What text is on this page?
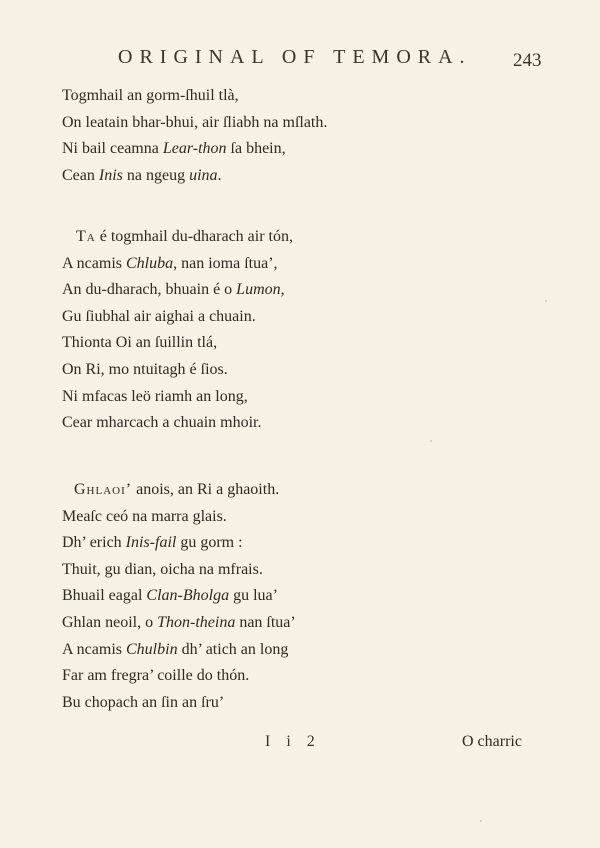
ORIGINAL OF TEMORA. 243
Togmhail an gorm-ſhuil tlà,
On leatain bhar-bhui, air ſliabh na mſlath.
Ni bail ceamna Lear-thon ſa bhein,
Cean Inis na ngeug uina.
Ta é togmhail du-dharach air tón,
A ncamis Chluba, nan ioma ſtua’,
An du-dharach, bhuain é o Lumon,
Gu ſiubhal air aighai a chuain.
Thionta Oi an ſuillin tlá,
On Ri, mo ntuitagh é ſios.
Ni mfacas leö riamh an long,
Cear mharcach a chuain mhoir.
Ghlaoi’ anois, an Ri a ghaoith.
Meaſc ceó na marra glais.
Dh’ erich Inis-fail gu gorm :
Thuit, gu dian, oicha na mfrais.
Bhuail eagal Clan-Bholga gu lua’
Ghlan neoil, o Thon-theina nan ſtua’
A ncamis Chulbin dh’ atich an long
Far am fregra’ coille do thón.
Bu chopach an ſin an ſru’
I i 2	O charric
